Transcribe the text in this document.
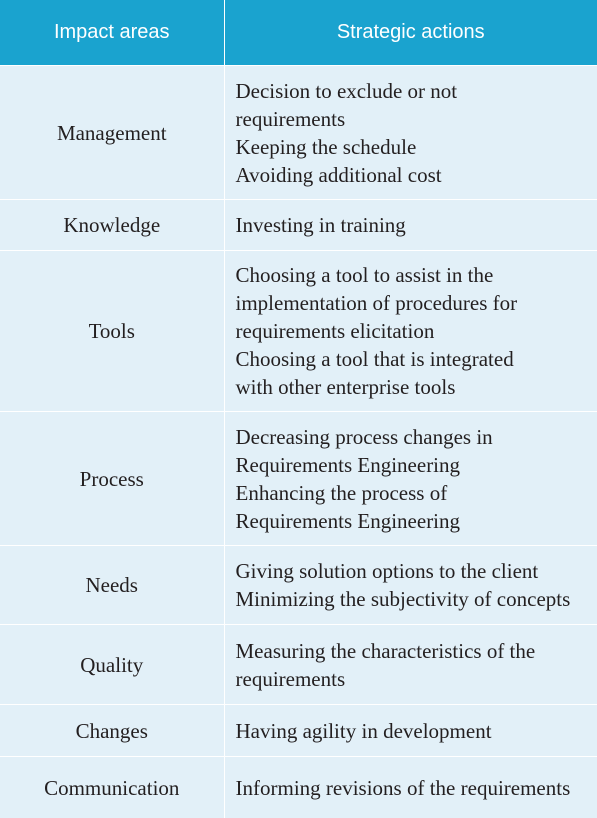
Impact areas	Strategic actions
Management	Decision to exclude or not
requirements
Keeping the schedule
Avoiding additional cost

Knowledge	Investing in training

Tools	Choosing a tool to assist in the
implementation of procedures for
requirements elicitation
Choosing a tool that is integrated
with other enterprise tools

Process	Decreasing process changes in
Requirements Engineering
Enhancing the process of
Requirements Engineering

Needs	Giving solution options to the client
Minimizing the subjectivity of concepts

Quality	Measuring the characteristics of the
requirements

Changes	Having agility in development

Communication	Informing revisions of the requirements
